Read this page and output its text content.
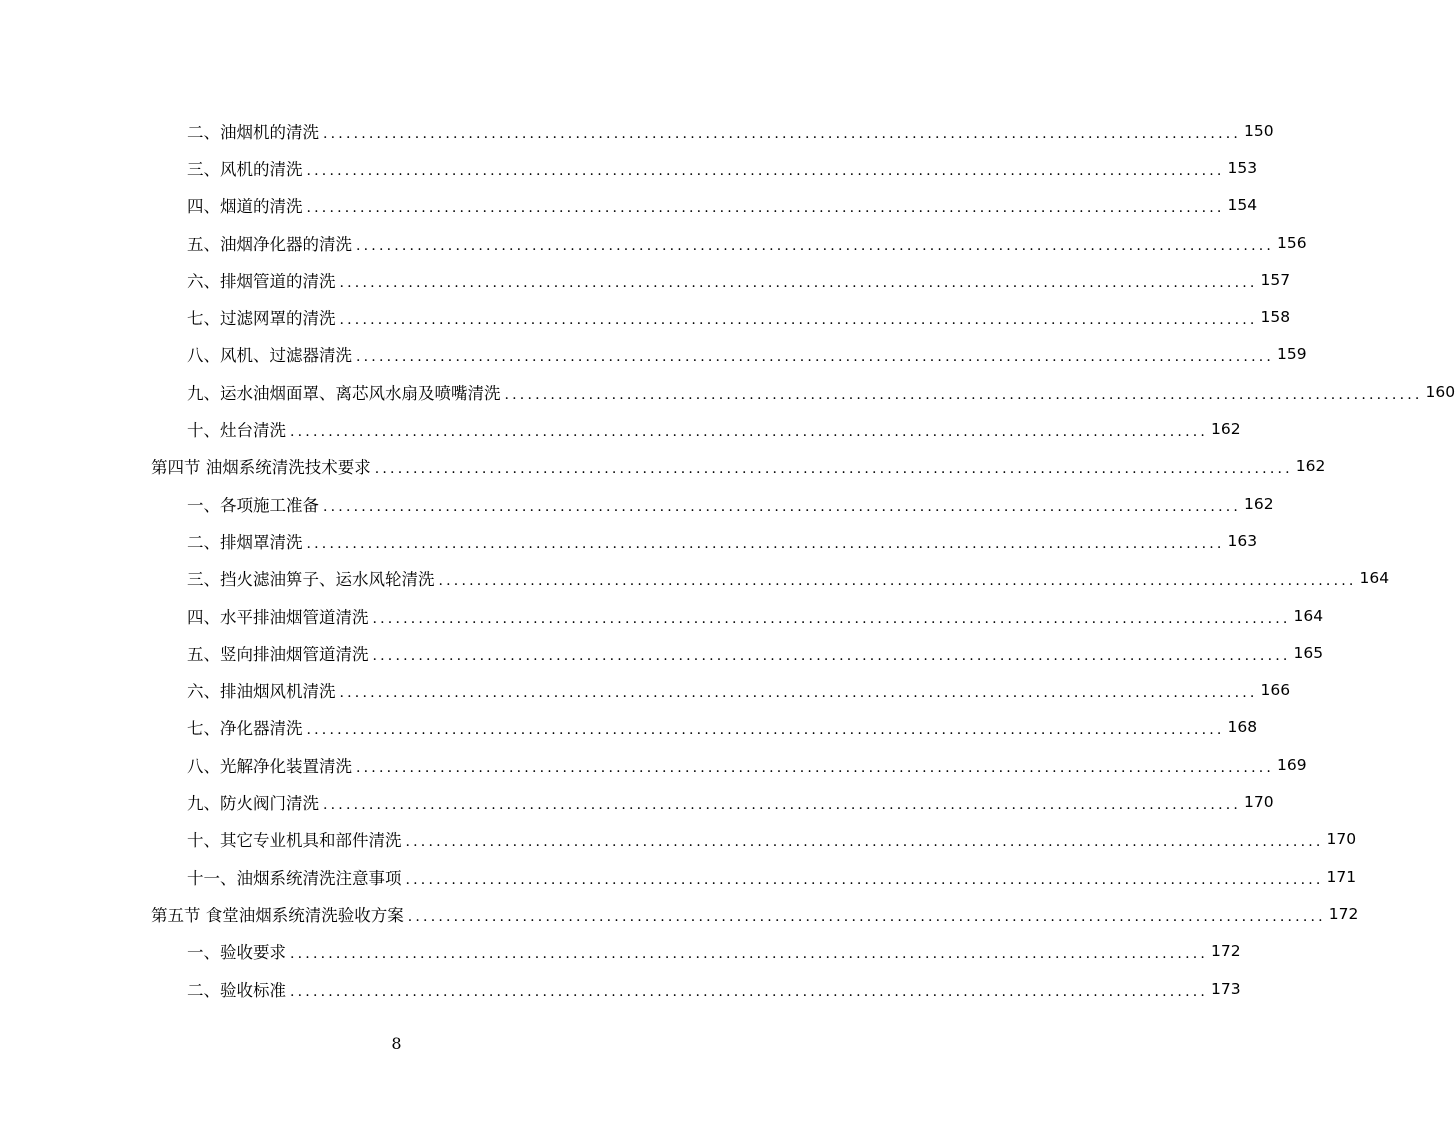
二、油烟机的清洗 ........................................................................................................................ 150
三、风机的清洗 ........................................................................................................................ 153
四、烟道的清洗 ........................................................................................................................ 154
五、油烟净化器的清洗 ........................................................................................................................ 156
六、排烟管道的清洗 ........................................................................................................................ 157
七、过滤网罩的清洗 ........................................................................................................................ 158
八、风机、过滤器清洗 ........................................................................................................................ 159
九、运水油烟面罩、离芯风水扇及喷嘴清洗 ........................................................................................................................ 160
十、灶台清洗 ........................................................................................................................ 162
第四节 油烟系统清洗技术要求 ........................................................................................................................ 162
一、各项施工准备 ........................................................................................................................ 162
二、排烟罩清洗 ........................................................................................................................ 163
三、挡火滤油箅子、运水风轮清洗 ........................................................................................................................ 164
四、水平排油烟管道清洗 ........................................................................................................................ 164
五、竖向排油烟管道清洗 ........................................................................................................................ 165
六、排油烟风机清洗 ........................................................................................................................ 166
七、净化器清洗 ........................................................................................................................ 168
八、光解净化装置清洗 ........................................................................................................................ 169
九、防火阀门清洗 ........................................................................................................................ 170
十、其它专业机具和部件清洗 ........................................................................................................................ 170
十一、油烟系统清洗注意事项 ........................................................................................................................ 171
第五节 食堂油烟系统清洗验收方案 ........................................................................................................................ 172
一、验收要求 ........................................................................................................................ 172
二、验收标准 ........................................................................................................................ 173
8
